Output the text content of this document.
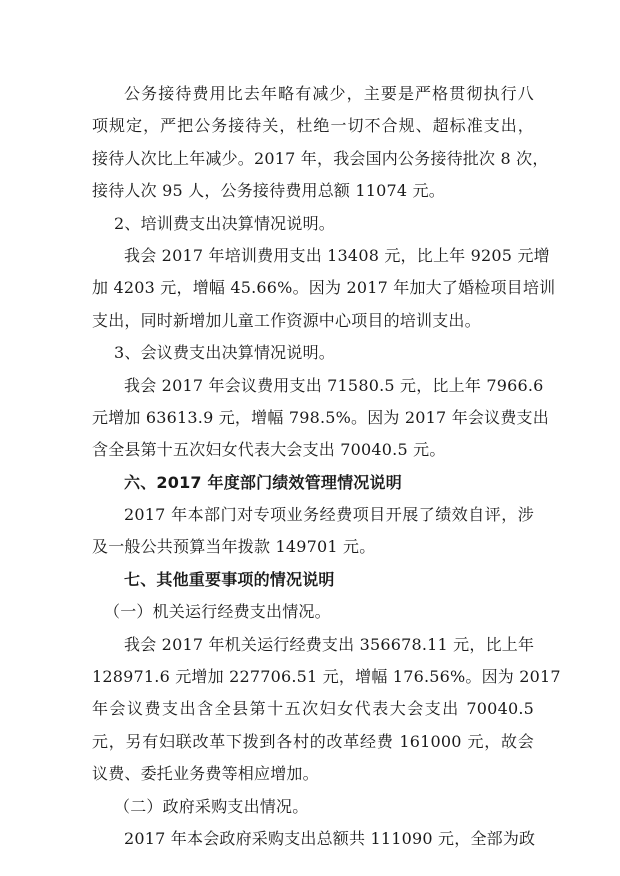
公务接待费用比去年略有减少，主要是严格贯彻执行八
项规定，严把公务接待关，杜绝一切不合规、超标准支出，
接待人次比上年减少。2017 年，我会国内公务接待批次 8 次，
接待人次 95 人，公务接待费用总额 11074 元。
2、培训费支出决算情况说明。
我会 2017 年培训费用支出 13408 元，比上年 9205 元增
加 4203 元，增幅 45.66%。因为 2017 年加大了婚检项目培训
支出，同时新增加儿童工作资源中心项目的培训支出。
3、会议费支出决算情况说明。
我会 2017 年会议费用支出 71580.5 元，比上年 7966.6
元增加 63613.9 元，增幅 798.5%。因为 2017 年会议费支出
含全县第十五次妇女代表大会支出 70040.5 元。
六、2017 年度部门绩效管理情况说明
2017 年本部门对专项业务经费项目开展了绩效自评，涉
及一般公共预算当年拨款 149701 元。
七、其他重要事项的情况说明
（一）机关运行经费支出情况。
我会 2017 年机关运行经费支出 356678.11 元，比上年
128971.6 元增加 227706.51 元，增幅 176.56%。因为 2017
年会议费支出含全县第十五次妇女代表大会支出 70040.5
元，另有妇联改革下拨到各村的改革经费 161000 元，故会
议费、委托业务费等相应增加。
（二）政府采购支出情况。
2017 年本会政府采购支出总额共 111090 元，全部为政
